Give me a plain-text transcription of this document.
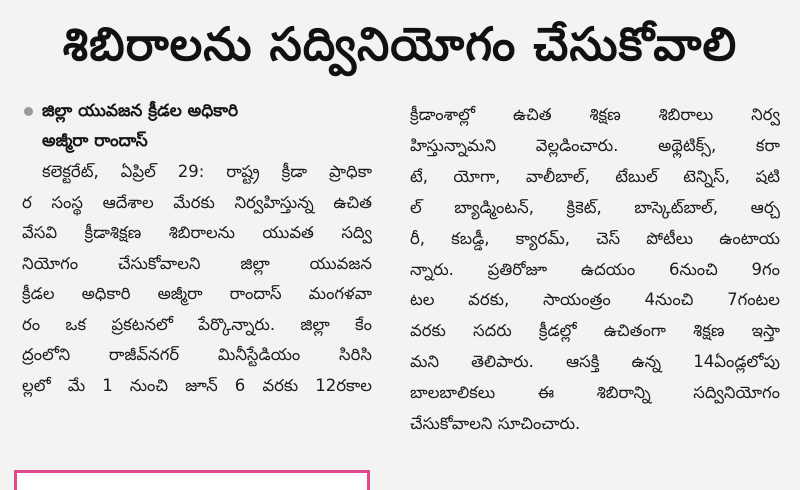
శిబిరాలను సద్వినియోగం చేసుకోవాలి
జిల్లా యువజన క్రీడల అధికారి
అజ్మీరా రాందాస్
కలెక్టరేట్, ఏప్రిల్ 29: రాష్ట్ర క్రీడా ప్రాధికా
ర సంస్థ ఆదేశాల మేరకు నిర్వహిస్తున్న ఉచిత
వేసవి క్రీడాశిక్షణ శిబిరాలను యువత సద్వి
నియోగం చేసుకోవాలని జిల్లా యువజన
క్రీడల అధికారి అజ్మీరా రాందాస్ మంగళవా
రం ఒక ప్రకటనలో పేర్కొన్నారు. జిల్లా కేం
ద్రంలోని రాజీవ్‌నగర్ మినీస్టేడియం సిరిసి
ల్లలో మే 1 నుంచి జూన్ 6 వరకు 12రకాల
క్రీడాంశాల్లో ఉచిత శిక్షణ శిబిరాలు నిర్వ
హిస్తున్నామని వెల్లడించారు. అథ్లెటిక్స్, కరా
టే, యోగా, వాలీబాల్, టేబుల్ టెన్నిస్, షటి
ల్ బ్యాడ్మింటన్, క్రికెట్, బాస్కెట్‌బాల్, ఆర్చ
రీ, కబడ్డీ, క్యారమ్, చెస్ పోటీలు ఉంటాయ
న్నారు. ప్రతిరోజూ ఉదయం 6నుంచి 9గం
టల వరకు, సాయంత్రం 4నుంచి 7గంటల
వరకు సదరు క్రీడల్లో ఉచితంగా శిక్షణ ఇస్తా
మని తెలిపారు. ఆసక్తి ఉన్న 14ఏండ్లలోపు
బాలబాలికలు ఈ శిబిరాన్ని సద్వినియోగం
చేసుకోవాలని సూచించారు.
